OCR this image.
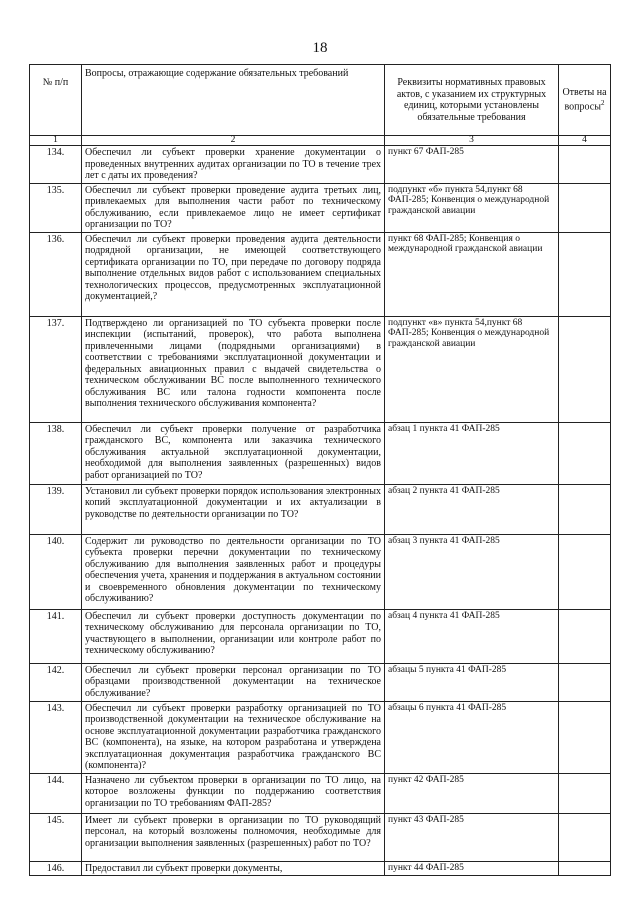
18
№ п/п	Вопросы, отражающие содержание обязательных требований	Реквизиты нормативных правовых актов, с указанием их структурных единиц, которыми установлены обязательные требования	Ответы на вопросы$^2$
1	2	3	4
134.	Обеспечил ли субъект проверки хранение документации о проведенных внутренних аудитах организации по ТО в течение трех лет с даты их проведения?	пункт 67 ФАП-285	
135.	Обеспечил ли субъект проверки проведение аудита третьих лиц, привлекаемых для выполнения части работ по техническому обслуживанию, если привлекаемое лицо не имеет сертификат организации по ТО?	подпункт «б» пункта 54,пункт 68 ФАП-285; Конвенция о международной гражданской авиации	
136.	Обеспечил ли субъект проверки проведения аудита деятельности подрядной организации, не имеющей соответствующего сертификата организации по ТО, при передаче по договору подряда выполнение отдельных видов работ с использованием специальных технологических процессов, предусмотренных эксплуатационной документацией,?	пункт 68 ФАП-285; Конвенция о международной гражданской авиации	
137.	Подтверждено ли организацией по ТО субъекта проверки после инспекции (испытаний, проверок), что работа выполнена привлеченными лицами (подрядными организациями) в соответствии с требованиями эксплуатационной документации и федеральных авиационных правил с выдачей свидетельства о техническом обслуживании ВС после выполненного технического обслуживания ВС или талона годности компонента после выполнения технического обслуживания компонента?	подпункт «в» пункта 54,пункт 68 ФАП-285; Конвенция о международной гражданской авиации	
138.	Обеспечил ли субъект проверки получение от разработчика гражданского ВС, компонента или заказчика технического обслуживания актуальной эксплуатационной документации, необходимой для выполнения заявленных (разрешенных) видов работ организацией по ТО?	абзац 1 пункта 41 ФАП-285	
139.	Установил ли субъект проверки порядок использования электронных копий эксплуатационной документации и их актуализации в руководстве по деятельности организации по ТО?	абзац 2 пункта 41 ФАП-285	
140.	Содержит ли руководство по деятельности организации по ТО субъекта проверки перечни документации по техническому обслуживанию для выполнения заявленных работ и процедуры обеспечения учета, хранения и поддержания в актуальном состоянии и своевременного обновления документации по техническому обслуживанию?	абзац 3 пункта 41 ФАП-285	
141.	Обеспечил ли субъект проверки доступность документации по техническому обслуживанию для персонала организации по ТО, участвующего в выполнении, организации или контроле работ по техническому обслуживанию?	абзац 4 пункта 41 ФАП-285	
142.	Обеспечил ли субъект проверки персонал организации по ТО образцами производственной документации на техническое обслуживание?	абзацы 5 пункта 41 ФАП-285	
143.	Обеспечил ли субъект проверки разработку организацией по ТО производственной документации на техническое обслуживание на основе эксплуатационной документации разработчика гражданского ВС (компонента), на языке, на котором разработана и утверждена эксплуатационная документация разработчика гражданского ВС (компонента)?	абзацы 6 пункта 41 ФАП-285	
144.	Назначено ли субъектом проверки в организации по ТО лицо, на которое возложены функции по поддержанию соответствия организации по ТО требованиям ФАП-285?	пункт 42 ФАП-285	
145.	Имеет ли субъект проверки в организации по ТО руководящий персонал, на который возложены полномочия, необходимые для организации выполнения заявленных (разрешенных) работ по ТО?	пункт 43 ФАП-285	
146.	Предоставил ли субъект проверки документы,	пункт 44 ФАП-285	
